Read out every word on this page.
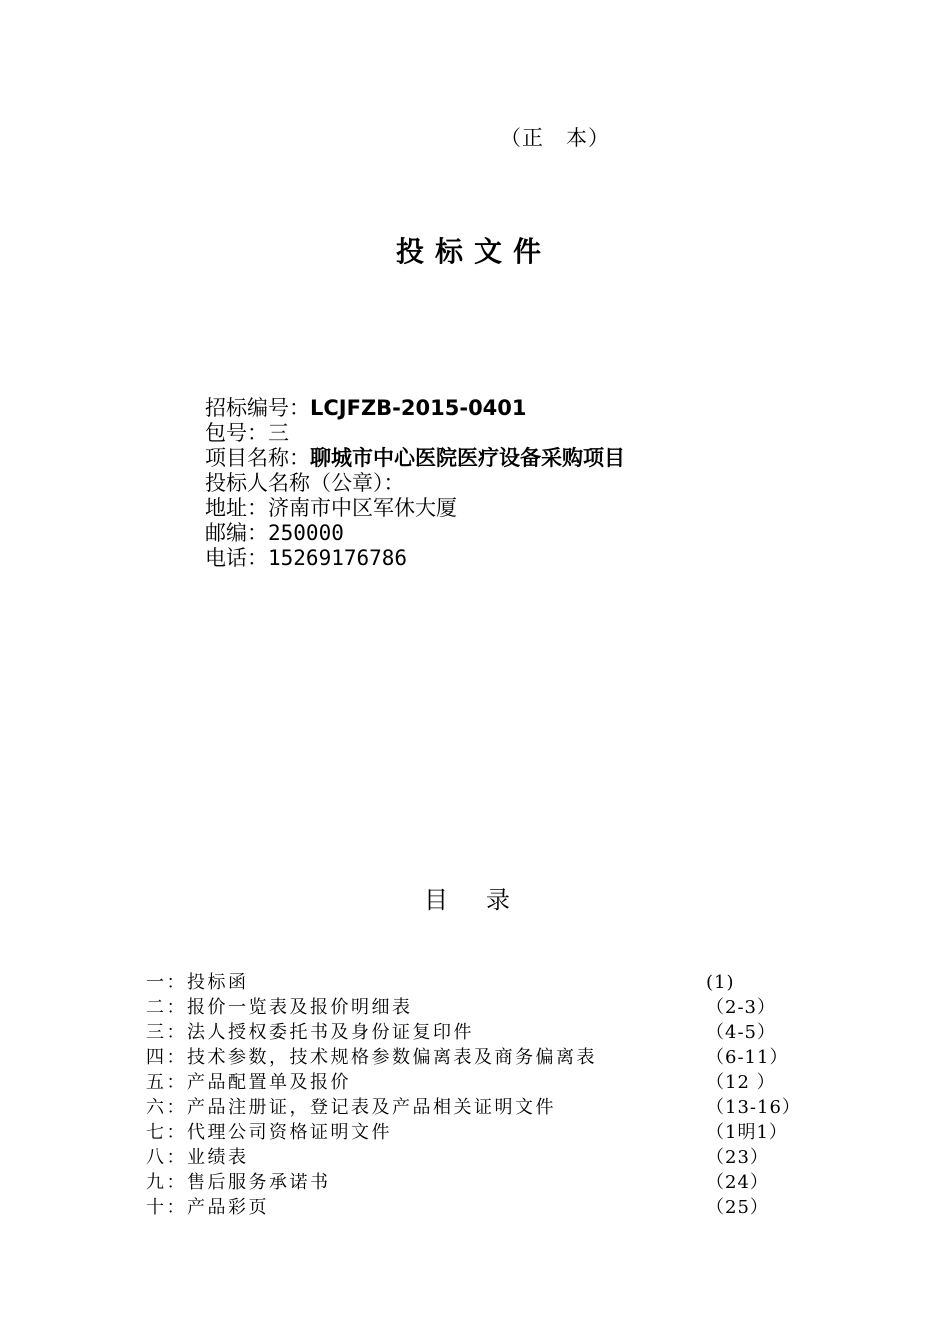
（正　本）
投标文件
招标编号：LCJFZB-2015-0401
包号：三
项目名称：聊城市中心医院医疗设备采购项目
投标人名称（公章）：
地址：济南市中区军休大厦
邮编：250000
电话：15269176786
目录
一：投标函	(1)
二：报价一览表及报价明细表	（2-3）
三：法人授权委托书及身份证复印件	（4-5）
四：技术参数，技术规格参数偏离表及商务偏离表	（6-11）
五：产品配置单及报价	（12 ）
六：产品注册证，登记表及产品相关证明文件	（13-16）
七：代理公司资格证明文件	（1明1）
八：业绩表	（23）
九：售后服务承诺书	（24）
十：产品彩页	（25）
